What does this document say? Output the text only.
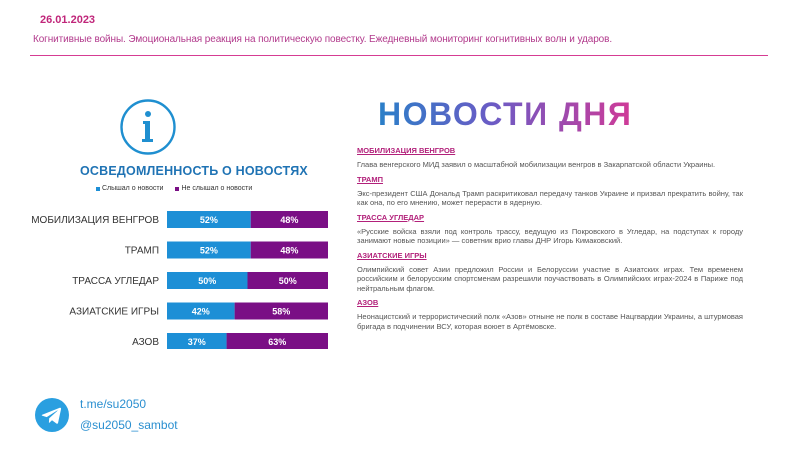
26.01.2023
Когнитивные войны. Эмоциональная реакция на политическую повестку. Ежедневный мониторинг когнитивных волн и ударов.
ОСВЕДОМЛЕННОСТЬ О НОВОСТЯХ
Слышал о новости	Не слышал о новости
МОБИЛИЗАЦИЯ ВЕНГРОВ	52%	48%
ТРАМП	52%	48%
ТРАССА УГЛЕДАР	50%	50%
АЗИАТСКИЕ ИГРЫ	42%	58%
АЗОВ	37%	63%
НОВОСТИ ДНЯ
МОБИЛИЗАЦИЯ ВЕНГРОВ
Глава венгерского МИД заявил о масштабной мобилизации венгров в Закарпатской области Украины.
ТРАМП
Экс-президент США Дональд Трамп раскритиковал передачу танков Украине и призвал прекратить войну, так как она, по его мнению, может перерасти в ядерную.
ТРАССА УГЛЕДАР
«Русские войска взяли под контроль трассу, ведущую из Покровского в Угледар, на подступах к городу занимают новые позиции» — советник врио главы ДНР Игорь Кимаковский.
АЗИАТСКИЕ ИГРЫ
Олимпийский совет Азии предложил России и Белоруссии участие в Азиатских играх. Тем временем российским и белорусским спортсменам разрешили поучаствовать в Олимпийских играх-2024 в Париже под нейтральным флагом.
АЗОВ
Неонацистский и террористический полк «Азов» отныне не полк в составе Нацгвардии Украины, а штурмовая бригада в подчинении ВСУ, которая воюет в Артёмовске.
t.me/su2050
@su2050_sambot
